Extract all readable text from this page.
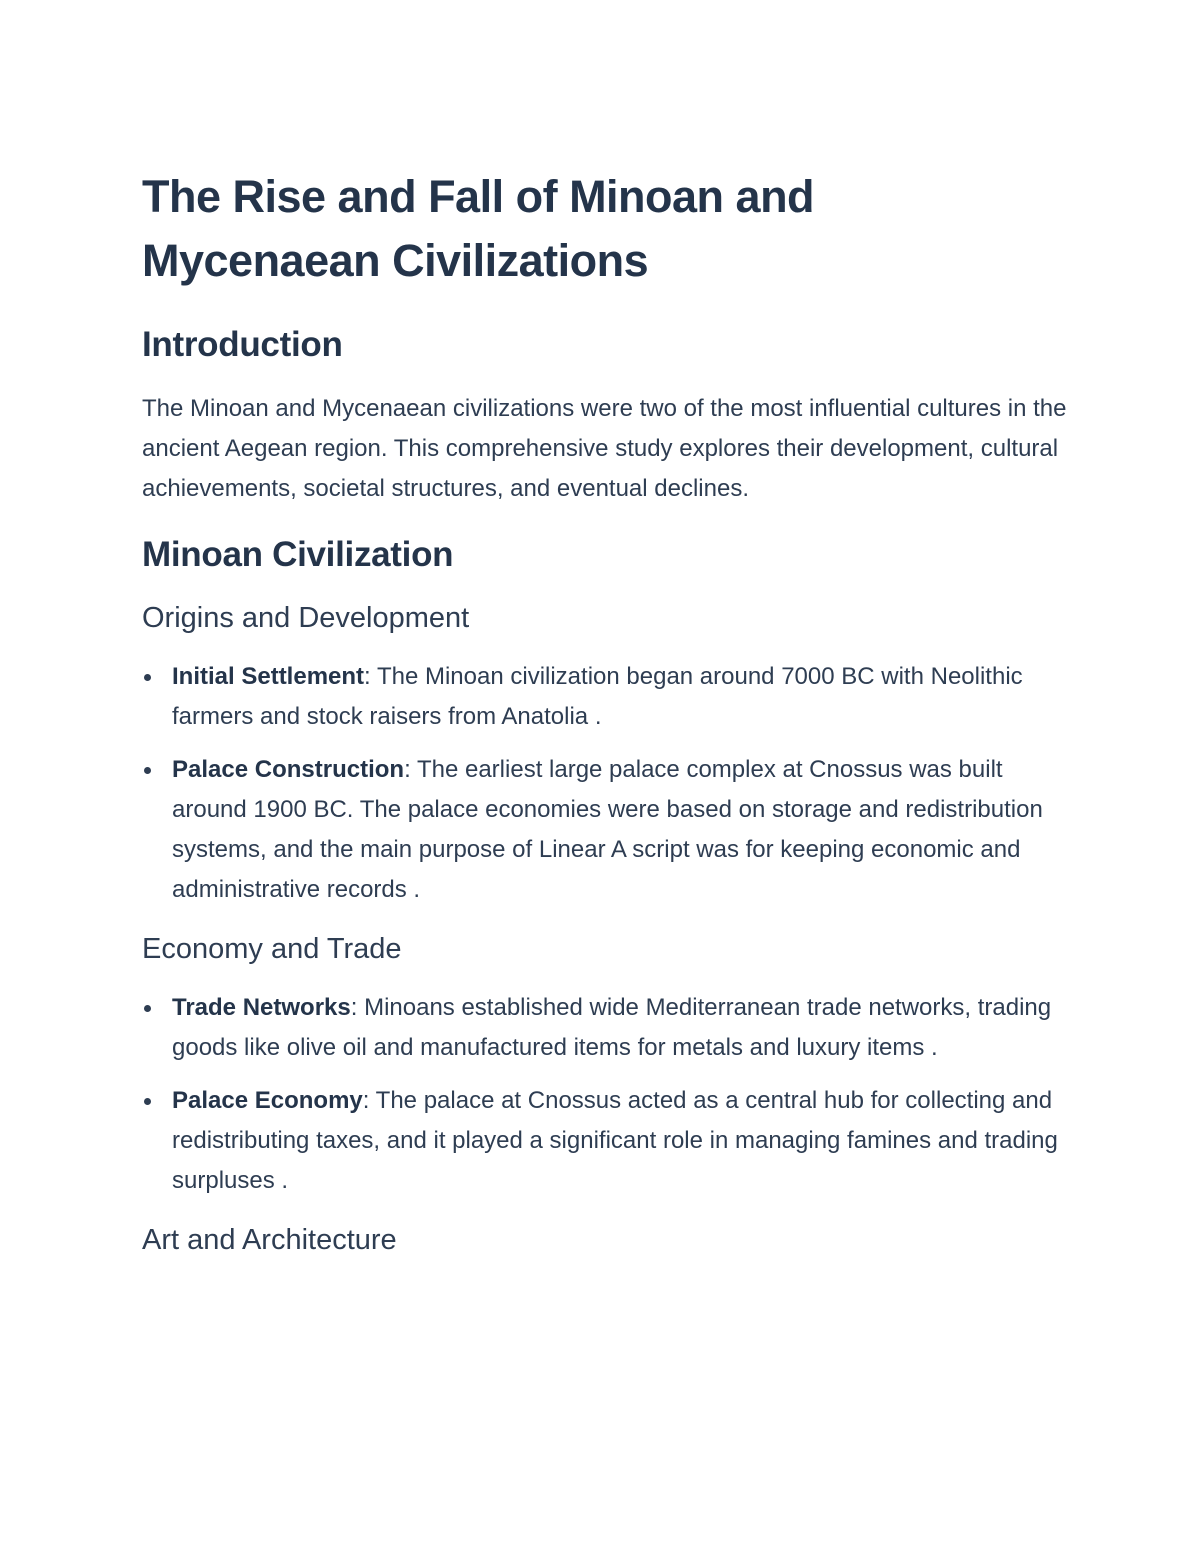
The Rise and Fall of Minoan and Mycenaean Civilizations
Introduction

The Minoan and Mycenaean civilizations were two of the most influential cultures in the ancient Aegean region. This comprehensive study explores their development, cultural achievements, societal structures, and eventual declines.

Minoan Civilization
Origins and Development
Initial Settlement: The Minoan civilization began around 7000 BC with Neolithic farmers and stock raisers from Anatolia .
Palace Construction: The earliest large palace complex at Cnossus was built around 1900 BC. The palace economies were based on storage and redistribution systems, and the main purpose of Linear A script was for keeping economic and administrative records .
Economy and Trade
Trade Networks: Minoans established wide Mediterranean trade networks, trading goods like olive oil and manufactured items for metals and luxury items .
Palace Economy: The palace at Cnossus acted as a central hub for collecting and redistributing taxes, and it played a significant role in managing famines and trading surpluses .
Art and Architecture
